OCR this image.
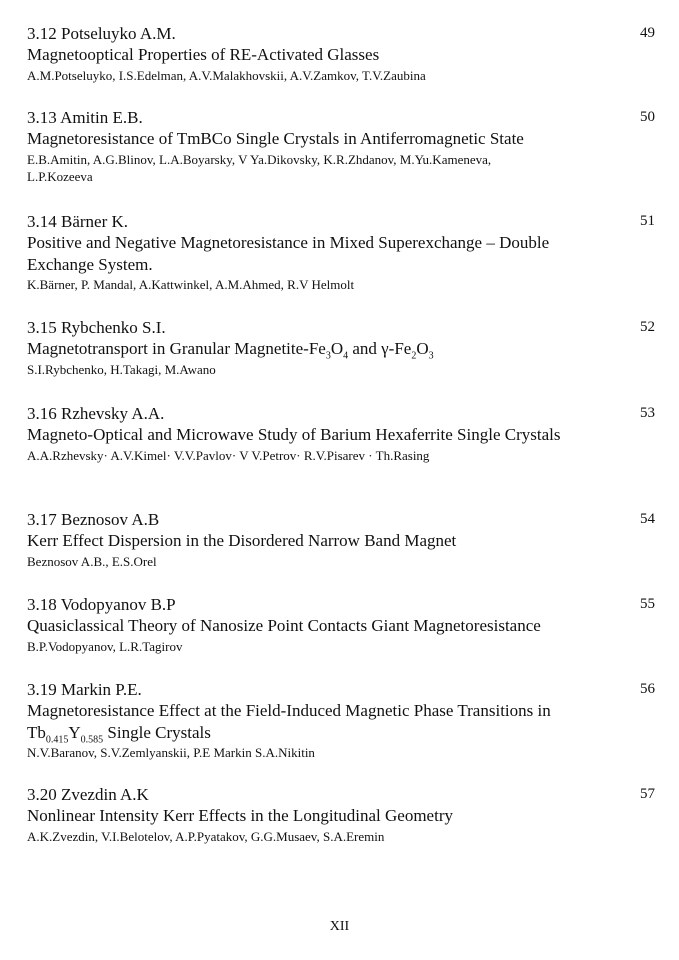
3.12 Potseluyko A.M.	49
Magnetooptical Properties of RE-Activated Glasses
A.M.Potseluyko, I.S.Edelman, A.V.Malakhovskii, A.V.Zamkov, T.V.Zaubina
3.13 Amitin E.B.	50
Magnetoresistance of TmBCo Single Crystals in Antiferromagnetic State
E.B.Amitin, A.G.Blinov, L.A.Boyarsky, V Ya.Dikovsky, K.R.Zhdanov, M.Yu.Kameneva, L.P.Kozeeva
3.14 Bärner K.	51
Positive and Negative Magnetoresistance in Mixed Superexchange – Double Exchange System.
K.Bärner, P. Mandal, A.Kattwinkel, A.M.Ahmed, R.V Helmolt
3.15 Rybchenko S.I.	52
Magnetotransport in Granular Magnetite-$Fe_3O_4$ and $\gamma-Fe_2O_3$
S.I.Rybchenko, H.Takagi, M.Awano
3.16 Rzhevsky A.A.	53
Magneto-Optical and Microwave Study of Barium Hexaferrite Single Crystals
A.A.Rzhevsky· A.V.Kimel· V.V.Pavlov· V V.Petrov· R.V.Pisarev · Th.Rasing
3.17 Beznosov A.B	54
Kerr Effect Dispersion in the Disordered Narrow Band Magnet
Beznosov A.B., E.S.Orel
3.18 Vodopyanov B.P	55
Quasiclassical Theory of Nanosize Point Contacts Giant Magnetoresistance
B.P.Vodopyanov, L.R.Tagirov
3.19 Markin P.E.	56
Magnetoresistance Effect at the Field-Induced Magnetic Phase Transitions in $Tb_{0.415}Y_{0.585}$ Single Crystals
N.V.Baranov, S.V.Zemlyanskii, P.E Markin S.A.Nikitin
3.20 Zvezdin A.K	57
Nonlinear Intensity Kerr Effects in the Longitudinal Geometry
A.K.Zvezdin, V.I.Belotelov, A.P.Pyatakov, G.G.Musaev, S.A.Eremin
XII
